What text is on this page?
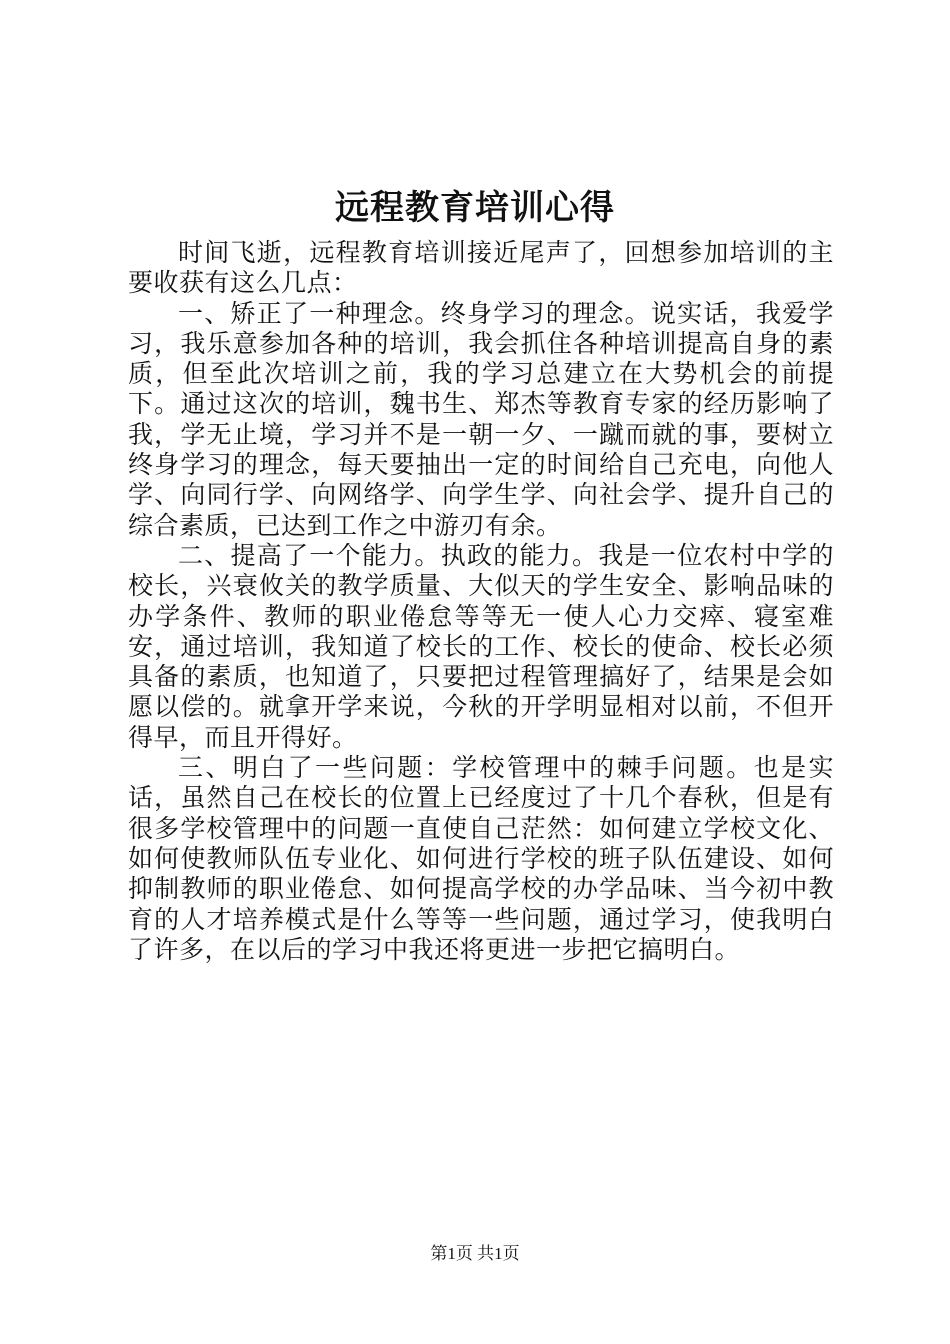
远程教育培训心得

时间飞逝，远程教育培训接近尾声了，回想参加培训的主要收获有这么几点：

一、矫正了一种理念。终身学习的理念。说实话，我爱学习，我乐意参加各种的培训，我会抓住各种培训提高自身的素质，但至此次培训之前，我的学习总建立在大势机会的前提下。通过这次的培训，魏书生、郑杰等教育专家的经历影响了我，学无止境，学习并不是一朝一夕、一蹴而就的事，要树立终身学习的理念，每天要抽出一定的时间给自己充电，向他人学、向同行学、向网络学、向学生学、向社会学、提升自己的综合素质，已达到工作之中游刃有余。

二、提高了一个能力。执政的能力。我是一位农村中学的校长，兴衰攸关的教学质量、大似天的学生安全、影响品味的办学条件、教师的职业倦怠等等无一使人心力交瘁、寝室难安，通过培训，我知道了校长的工作、校长的使命、校长必须具备的素质，也知道了，只要把过程管理搞好了，结果是会如愿以偿的。就拿开学来说，今秋的开学明显相对以前，不但开得早，而且开得好。

三、明白了一些问题：学校管理中的棘手问题。也是实话，虽然自己在校长的位置上已经度过了十几个春秋，但是有很多学校管理中的问题一直使自己茫然：如何建立学校文化、如何使教师队伍专业化、如何进行学校的班子队伍建设、如何抑制教师的职业倦怠、如何提高学校的办学品味、当今初中教育的人才培养模式是什么等等一些问题，通过学习，使我明白了许多，在以后的学习中我还将更进一步把它搞明白。

第1页 共1页
